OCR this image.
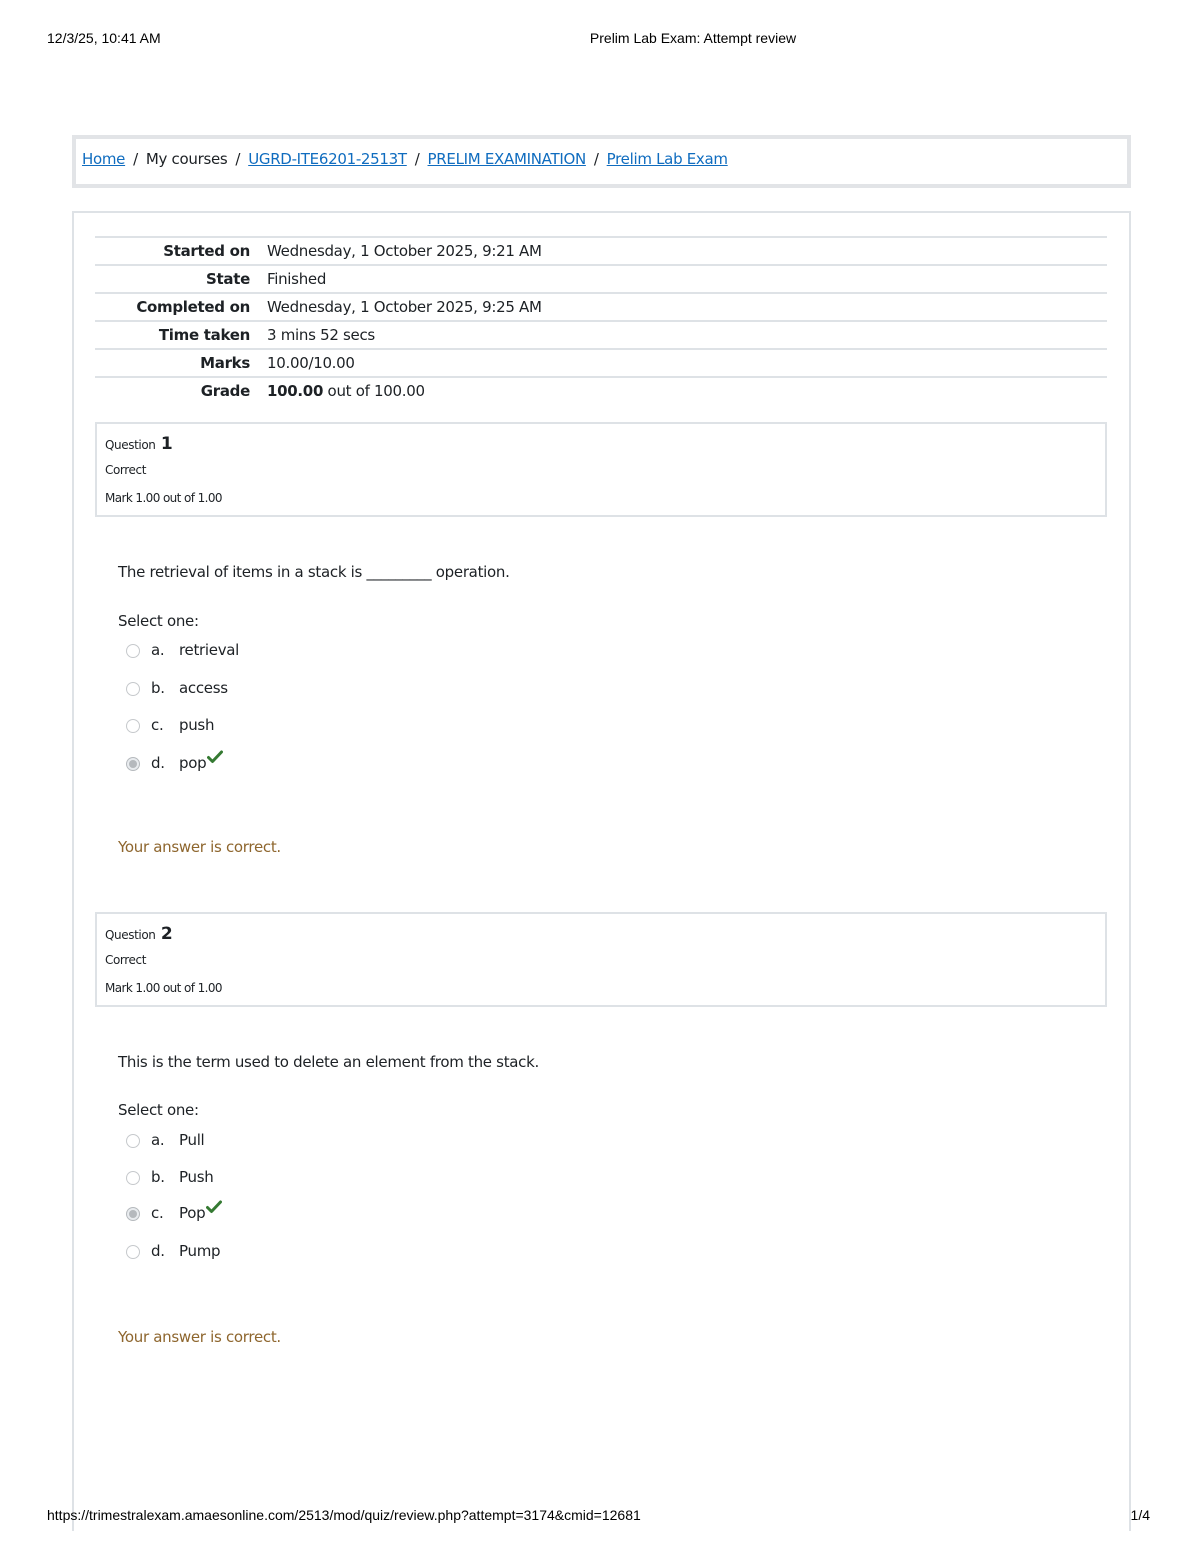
12/3/25, 10:41 AM	Prelim Lab Exam: Attempt review
Home / My courses / UGRD-ITE6201-2513T / PRELIM EXAMINATION / Prelim Lab Exam
Started on Wednesday, 1 October 2025, 9:21 AM
State Finished
Completed on Wednesday, 1 October 2025, 9:25 AM
Time taken 3 mins 52 secs
Marks 10.00/10.00
Grade 100.00 out of 100.00
Question 1
Correct
Mark 1.00 out of 1.00
The retrieval of items in a stack is _________ operation.
Select one:
a. retrieval
b. access
c. push
d. pop
Your answer is correct.
Question 2
Correct
Mark 1.00 out of 1.00
This is the term used to delete an element from the stack.
Select one:
a. Pull
b. Push
c. Pop
d. Pump
Your answer is correct.
https://trimestralexam.amaesonline.com/2513/mod/quiz/review.php?attempt=3174&cmid=12681	1/4
